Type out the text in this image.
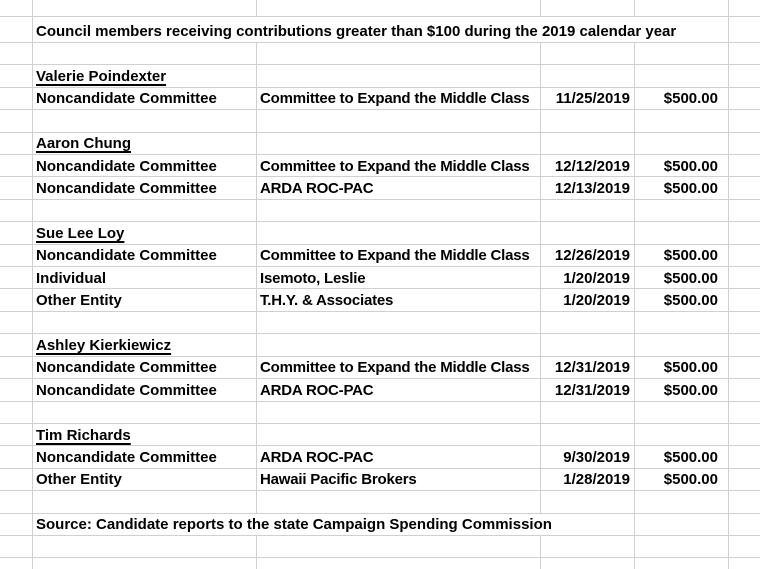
Council members receiving contributions greater than $100 during the 2019 calendar year
Valerie Poindexter
Noncandidate Committee	Committee to Expand the Middle Class 11/25/2019 $500.00
Aaron Chung
Noncandidate Committee	Committee to Expand the Middle Class 12/12/2019 $500.00
Noncandidate Committee	ARDA ROC-PAC	12/13/2019 $500.00
Sue Lee Loy
Noncandidate Committee	Committee to Expand the Middle Class 12/26/2019 $500.00
Individual	Isemoto, Leslie	1/20/2019 $500.00
Other Entity	T.H.Y. & Associates	1/20/2019 $500.00
Ashley Kierkiewicz
Noncandidate Committee	Committee to Expand the Middle Class 12/31/2019 $500.00
Noncandidate Committee	ARDA ROC-PAC	12/31/2019 $500.00
Tim Richards
Noncandidate Committee	ARDA ROC-PAC	9/30/2019 $500.00
Other Entity	Hawaii Pacific Brokers	1/28/2019 $500.00
Source: Candidate reports to the state Campaign Spending Commission
